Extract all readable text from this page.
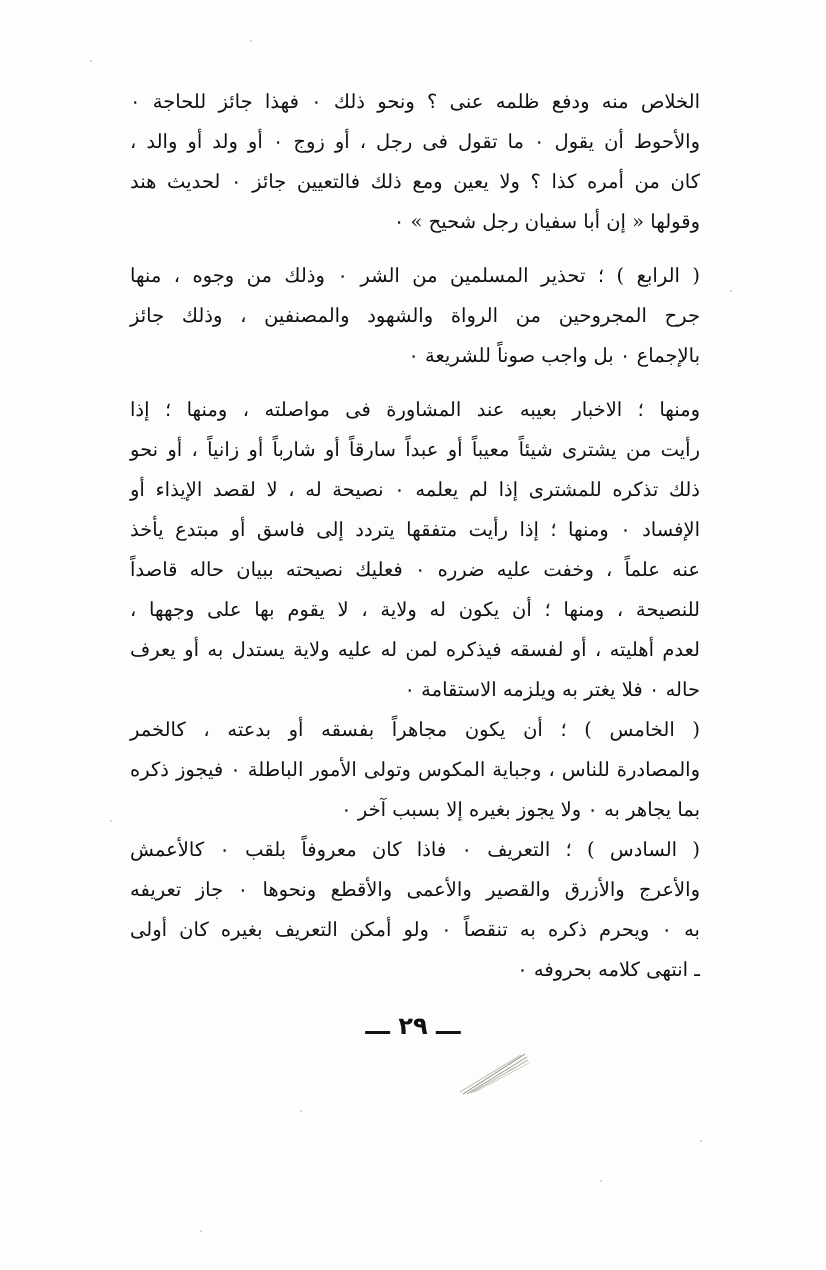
الخلاص منه ودفع ظلمه عنى ؟ ونحو ذلك ٠ فهذا جائز للحاجة ٠
والأحوط أن يقول ٠ ما تقول فى رجل ، أو زوج ٠ أو ولد أو والد ،
كان من أمره كذا ؟ ولا يعين ومع ذلك فالتعيين جائز ٠ لحديث هند
وقولها « إن أبا سفيان رجل شحيح » ٠
( الرابع ) ؛ تحذير المسلمين من الشر ٠ وذلك من وجوه ، منها
جرح المجروحين من الرواة والشهود والمصنفين ، وذلك جائز
بالإجماع ٠ بل واجب صوناً للشريعة ٠
ومنها ؛ الاخبار بعيبه عند المشاورة فى مواصلته ، ومنها ؛ إذا
رأيت من يشترى شيئاً معيباً أو عبداً سارقاً أو شارباً أو زانياً ، أو نحو
ذلك تذكره للمشترى إذا لم يعلمه ٠ نصيحة له ، لا لقصد الإيذاء أو
الإفساد ٠ ومنها ؛ إذا رأيت متفقها يتردد إلى فاسق أو مبتدع يأخذ
عنه علماً ، وخفت عليه ضرره ٠ فعليك نصيحته ببيان حاله قاصداً
للنصيحة ، ومنها ؛ أن يكون له ولاية ، لا يقوم بها على وجهها ،
لعدم أهليته ، أو لفسقه فيذكره لمن له عليه ولاية يستدل به أو يعرف
حاله ٠ فلا يغتر به ويلزمه الاستقامة ٠
( الخامس ) ؛ أن يكون مجاهراً بفسقه أو بدعته ، كالخمر
والمصادرة للناس ، وجباية المكوس وتولى الأمور الباطلة ٠ فيجوز ذكره
بما يجاهر به ٠ ولا يجوز بغيره إلا بسبب آخر ٠
( السادس ) ؛ التعريف ٠ فاذا كان معروفاً بلقب ٠ كالأعمش
والأعرج والأزرق والقصير والأعمى والأقطع ونحوها ٠ جاز تعريفه
به ٠ ويحرم ذكره به تنقصاً ٠ ولو أمكن التعريف بغيره كان أولى
ـ انتهى كلامه بحروفه ٠
ـــ ٢٩ ـــ
